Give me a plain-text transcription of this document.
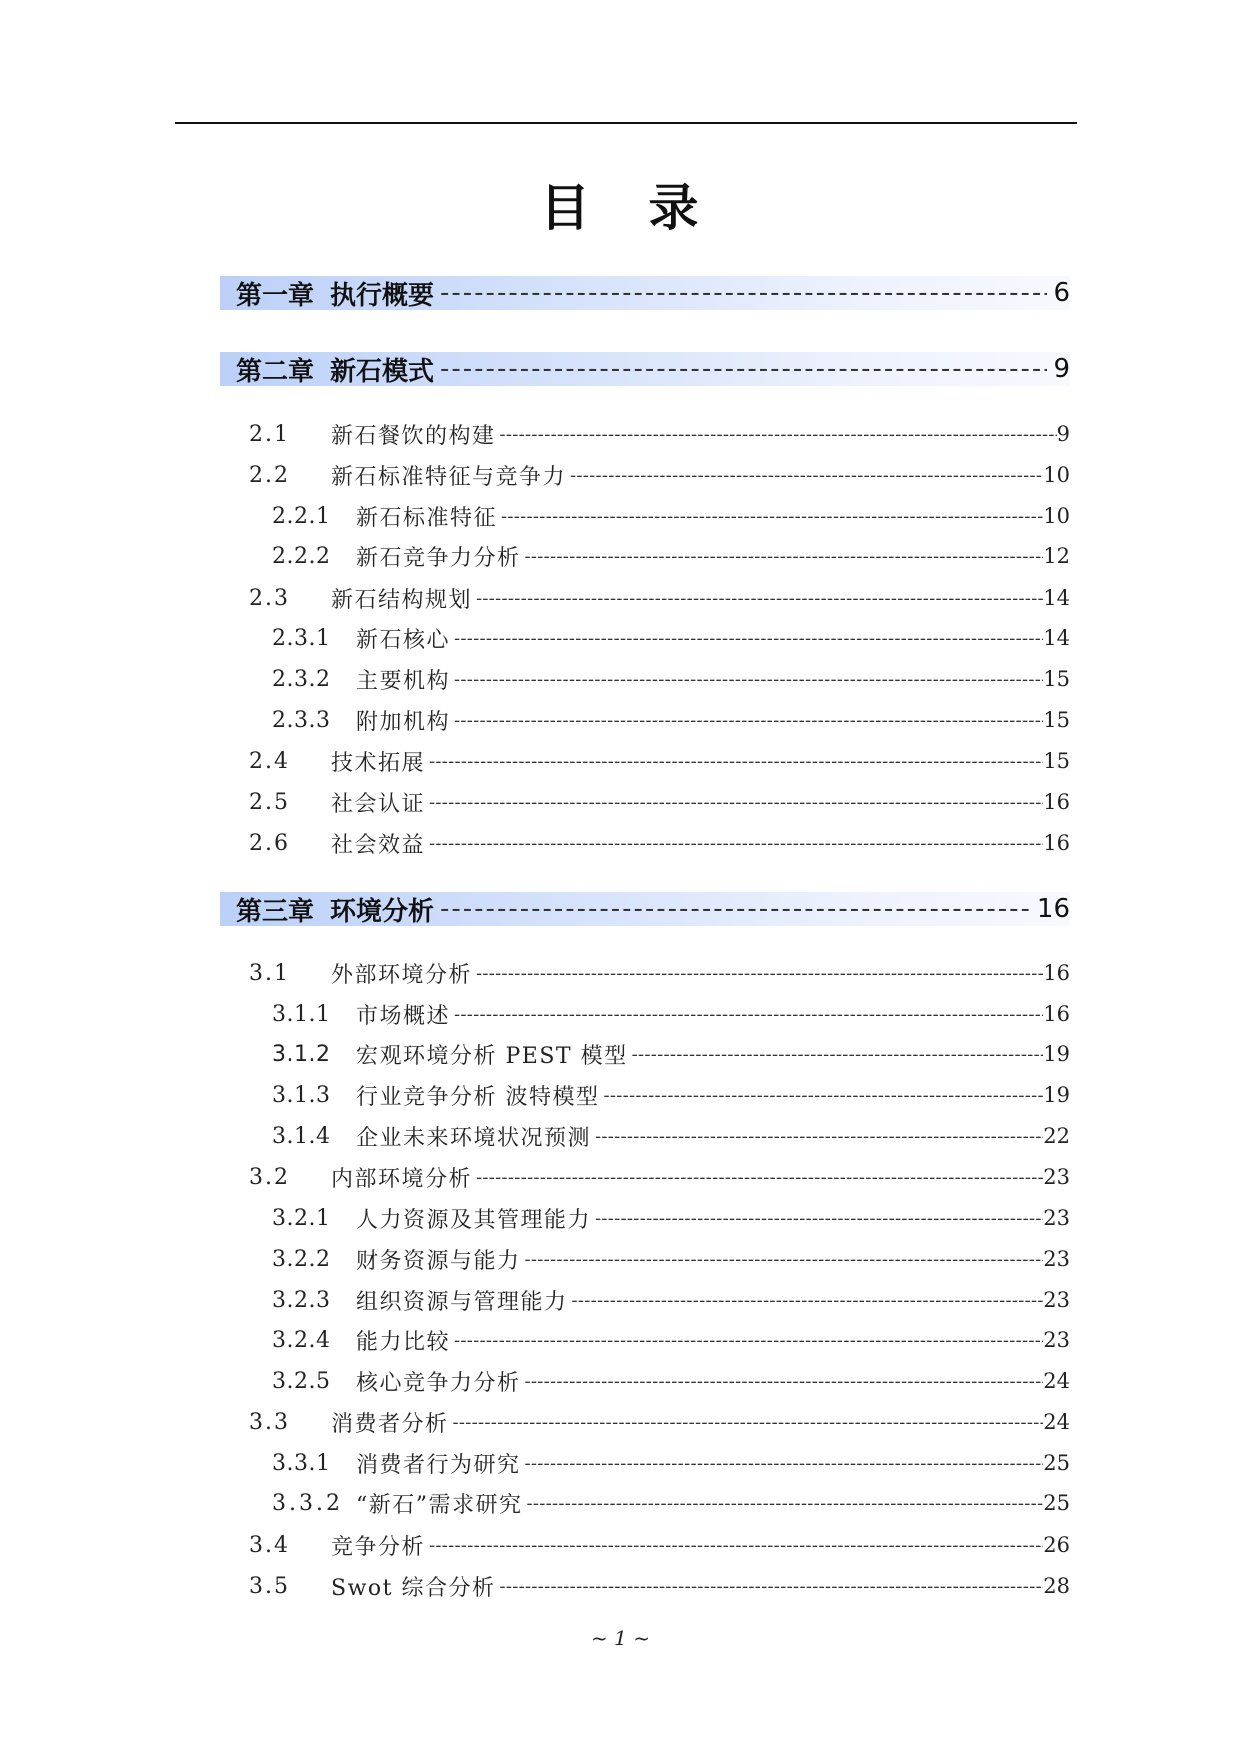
目 录
第一章 执行概要 -----	6
第二章 新石模式 -----	9
2.1	新石餐饮的构建 -----	9
2.2	新石标准特征与竞争力 -----	10
2.2.1	新石标准特征 -----	10
2.2.2	新石竞争力分析 -----	12
2.3	新石结构规划 -----	14
2.3.1	新石核心 -----	14
2.3.2	主要机构 -----	15
2.3.3	附加机构 -----	15
2.4	技术拓展 -----	15
2.5	社会认证 -----	16
2.6	社会效益 -----	16
第三章 环境分析 -----	16
3.1	外部环境分析 -----	16
3.1.1	市场概述 -----	16
3.1.2	宏观环境分析 PEST 模型 -----	19
3.1.3	行业竞争分析 波特模型 -----	19
3.1.4	企业未来环境状况预测 -----	22
3.2	内部环境分析 -----	23
3.2.1	人力资源及其管理能力 -----	23
3.2.2	财务资源与能力 -----	23
3.2.3	组织资源与管理能力 -----	23
3.2.4	能力比较 -----	23
3.2.5	核心竞争力分析 -----	24
3.3	消费者分析 -----	24
3.3.1	消费者行为研究 -----	25
3.3.2 “新石”需求研究 -----	25
3.4	竞争分析 -----	26
3.5	Swot 综合分析 -----	28
~ 1 ~
